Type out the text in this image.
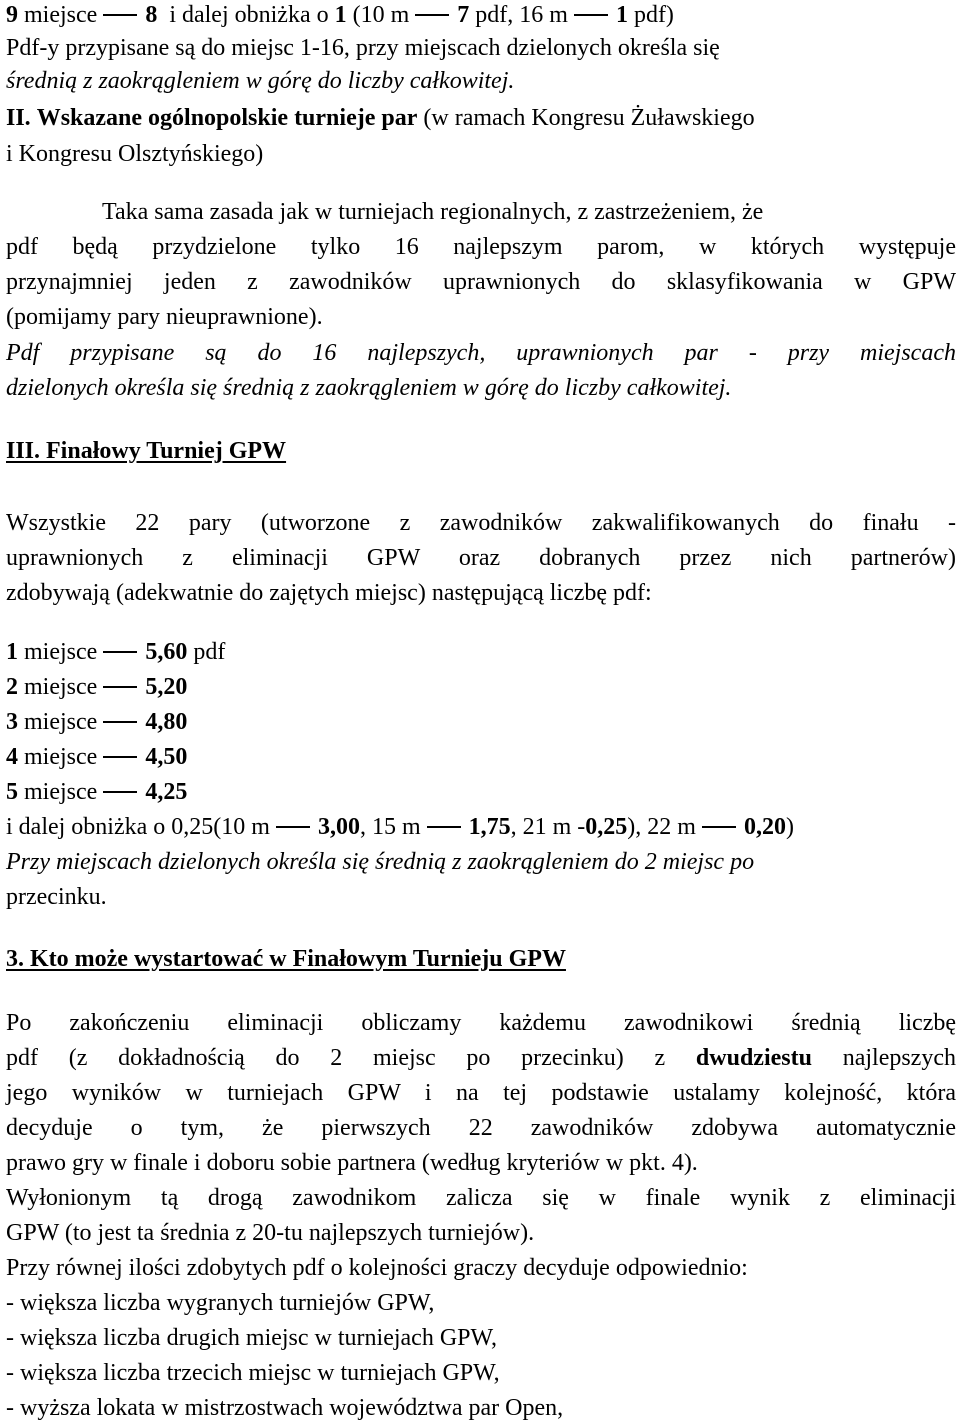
9 miejsce 8 i dalej obniżka o 1 (10 m 7 pdf, 16 m 1 pdf)
Pdf-y przypisane są do miejsc 1-16, przy miejscach dzielonych określa się
średnią z zaokrągleniem w górę do liczby całkowitej.
II. Wskazane ogólnopolskie turnieje par (w ramach Kongresu Żuławskiego
i Kongresu Olsztyńskiego)
Taka sama zasada jak w turniejach regionalnych, z zastrzeżeniem, że
pdf będą przydzielone tylko 16 najlepszym parom, w których występuje
przynajmniej jeden z zawodników uprawnionych do sklasyfikowania w GPW
(pomijamy pary nieuprawnione).
Pdf przypisane są do 16 najlepszych, uprawnionych par - przy miejscach
dzielonych określa się średnią z zaokrągleniem w górę do liczby całkowitej.
III. Finałowy Turniej GPW
Wszystkie 22 pary (utworzone z zawodników zakwalifikowanych do finału -
uprawnionych z eliminacji GPW oraz dobranych przez nich partnerów)
zdobywają (adekwatnie do zajętych miejsc) następującą liczbę pdf:
1 miejsce 5,60 pdf
2 miejsce 5,20
3 miejsce 4,80
4 miejsce 4,50
5 miejsce 4,25
i dalej obniżka o 0,25(10 m 3,00, 15 m 1,75, 21 m -0,25), 22 m 0,20)
Przy miejscach dzielonych określa się średnią z zaokrągleniem do 2 miejsc po
przecinku.
3. Kto może wystartować w Finałowym Turnieju GPW
Po zakończeniu eliminacji obliczamy każdemu zawodnikowi średnią liczbę
pdf (z dokładnością do 2 miejsc po przecinku) z dwudziestu najlepszych
jego wyników w turniejach GPW i na tej podstawie ustalamy kolejność, która
decyduje o tym, że pierwszych 22 zawodników zdobywa automatycznie
prawo gry w finale i doboru sobie partnera (według kryteriów w pkt. 4).
Wyłonionym tą drogą zawodnikom zalicza się w finale wynik z eliminacji
GPW (to jest ta średnia z 20-tu najlepszych turniejów).
Przy równej ilości zdobytych pdf o kolejności graczy decyduje odpowiednio:
- większa liczba wygranych turniejów GPW,
- większa liczba drugich miejsc w turniejach GPW,
- większa liczba trzecich miejsc w turniejach GPW,
- wyższa lokata w mistrzostwach województwa par Open,
